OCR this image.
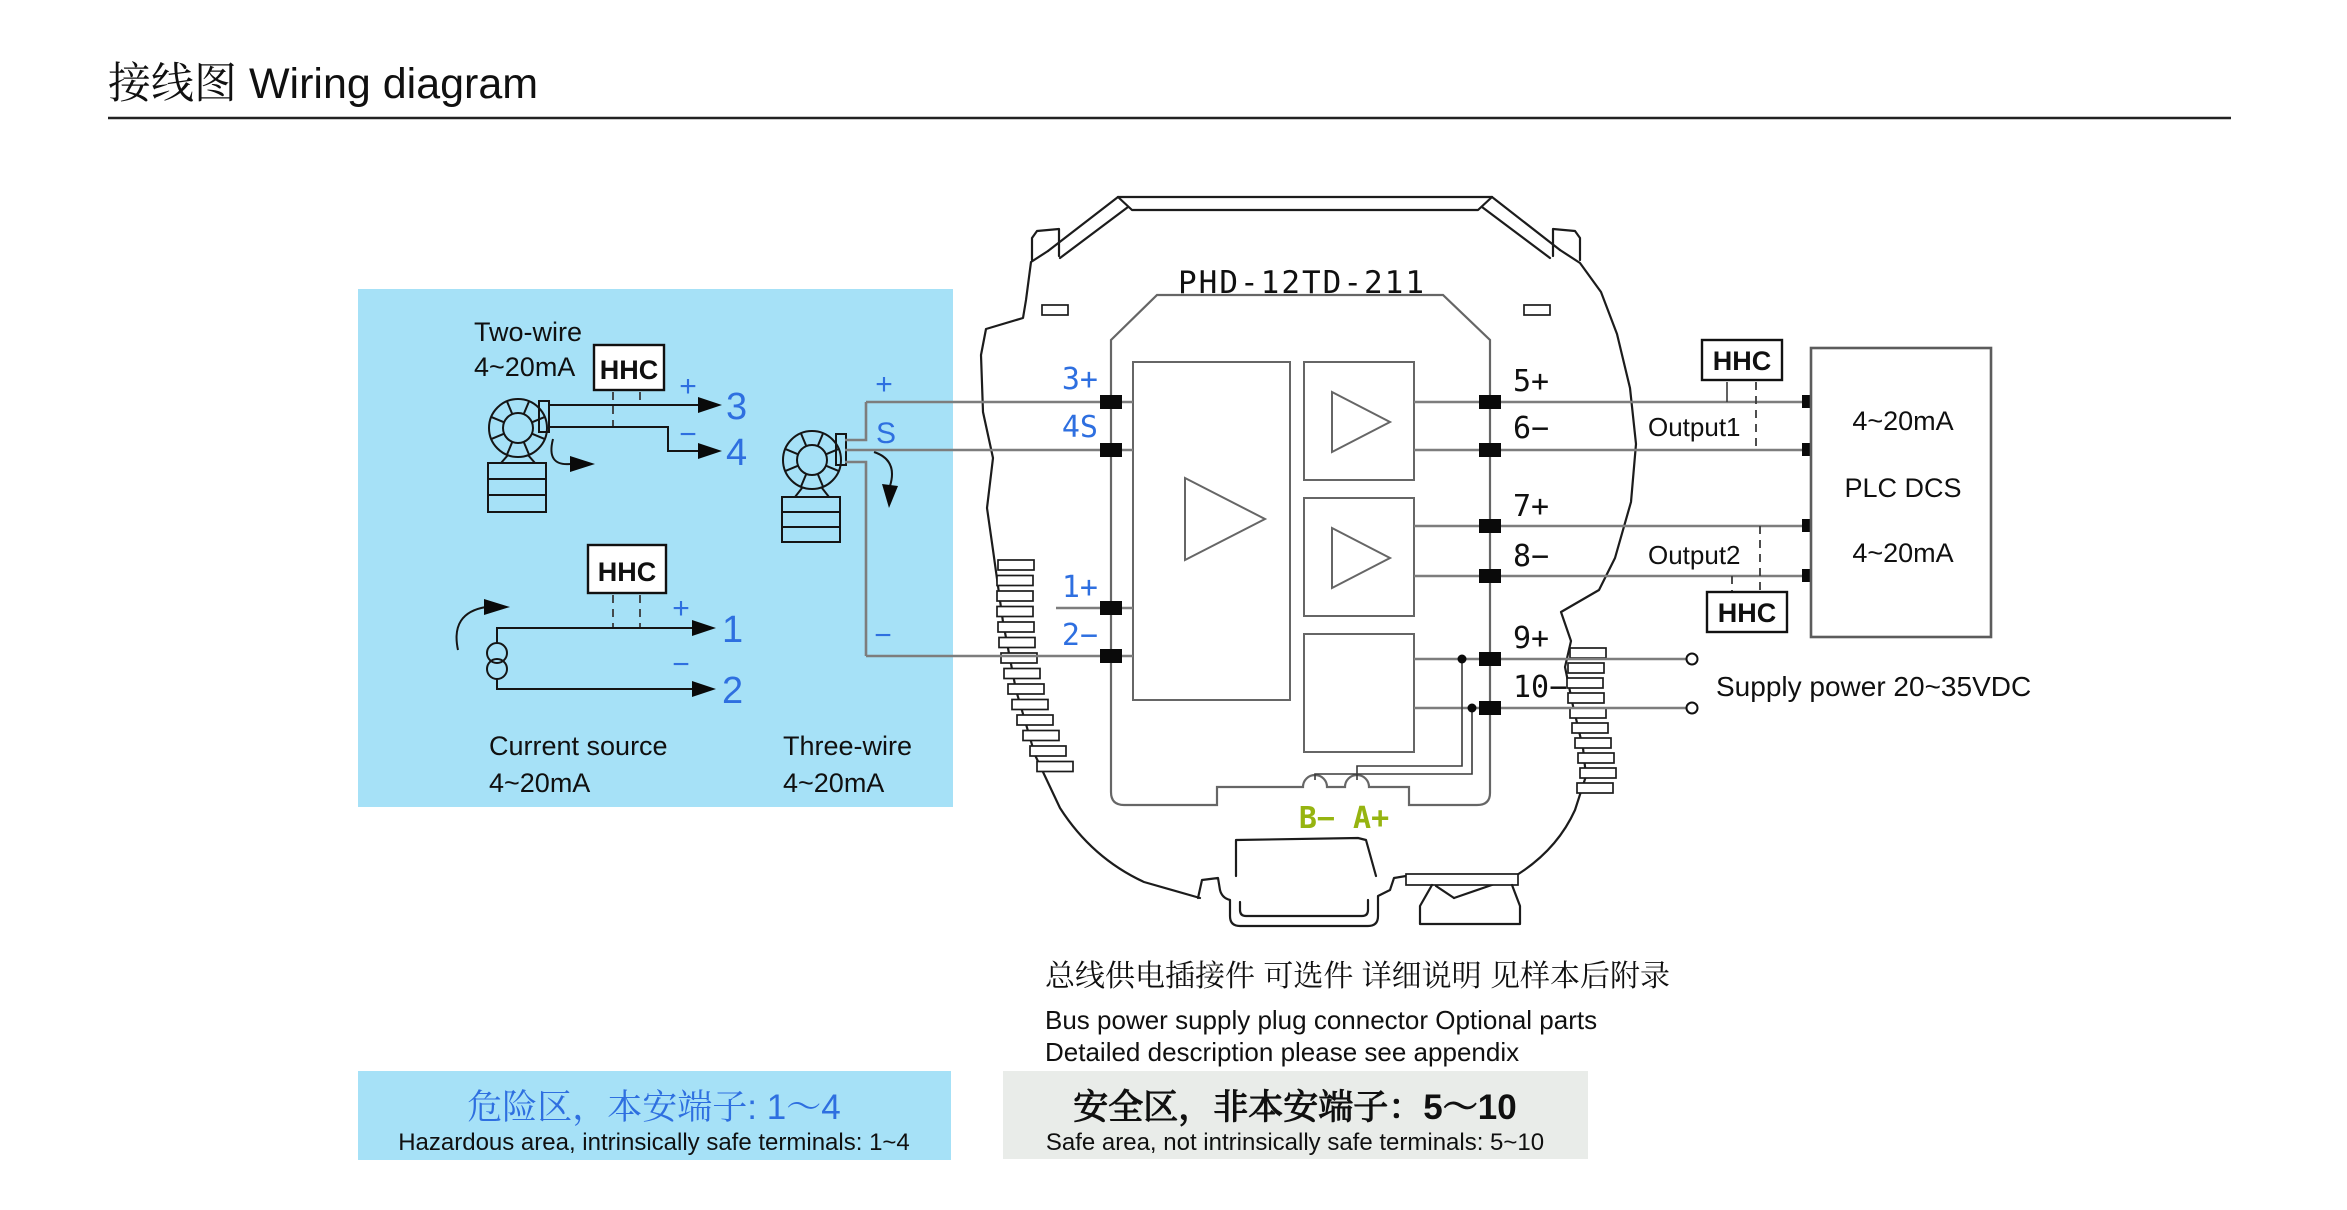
接线图 Wiring diagram
Two-wire
4~20mA HHC +
−
3
4
HHC
+
−
1
2
Current source
4~20mA
+
S
−
Three-wire
4~20mA
PHD-12TD-211
3+
4S
1+
2−
5+
6−
7+
8−
9+
10−
B− A+
HHC
Output1
Output2
HHC
4~20mA
PLC DCS
4~20mA
Supply power 20~35VDC
总线供电插接件 可选件 详细说明 见样本后附录
Bus power supply plug connector Optional parts
Detailed description please see appendix
危险区，本安端子: 1～4
Hazardous area, intrinsically safe terminals: 1~4
安全区，非本安端子：5～10
Safe area, not intrinsically safe terminals: 5~10
